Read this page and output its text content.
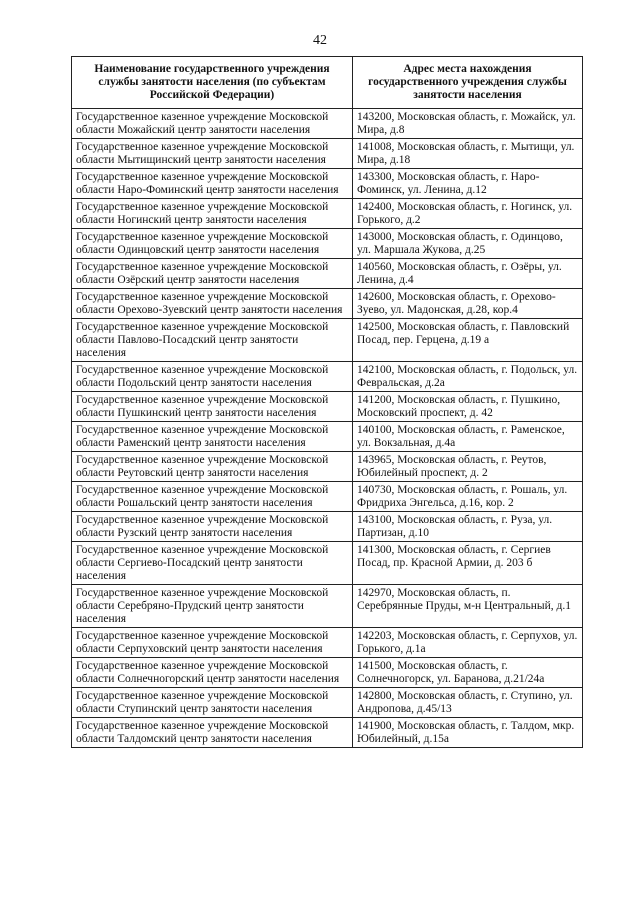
42
Наименование государственного учреждения службы занятости населения (по субъектам Российской Федерации)	Адрес места нахождения государственного учреждения службы занятости населения
Государственное казенное учреждение Московской области Можайский центр занятости населения	143200, Московская область, г. Можайск, ул. Мира, д.8
Государственное казенное учреждение Московской области Мытищинский центр занятости населения	141008, Московская область, г. Мытищи, ул. Мира, д.18
Государственное казенное учреждение Московской области Наро-Фоминский центр занятости населения	143300, Московская область, г. Наро-Фоминск, ул. Ленина, д.12
Государственное казенное учреждение Московской области Ногинский центр занятости населения	142400, Московская область, г. Ногинск, ул. Горького, д.2
Государственное казенное учреждение Московской области Одинцовский центр занятости населения	143000, Московская область, г. Одинцово, ул. Маршала Жукова, д.25
Государственное казенное учреждение Московской области Озёрский центр занятости населения	140560, Московская область, г. Озёры, ул. Ленина, д.4
Государственное казенное учреждение Московской области Орехово-Зуевский центр занятости населения	142600, Московская область, г. Орехово-Зуево, ул. Мадонская, д.28, кор.4
Государственное казенное учреждение Московской области Павлово-Посадский центр занятости населения	142500, Московская область, г. Павловский Посад, пер. Герцена, д.19 а
Государственное казенное учреждение Московской области Подольский центр занятости населения	142100, Московская область, г. Подольск, ул. Февральская, д.2а
Государственное казенное учреждение Московской области Пушкинский центр занятости населения	141200, Московская область, г. Пушкино, Московский проспект, д. 42
Государственное казенное учреждение Московской области Раменский центр занятости населения	140100, Московская область, г. Раменское, ул. Вокзальная, д.4а
Государственное казенное учреждение Московской области Реутовский центр занятости населения	143965, Московская область, г. Реутов, Юбилейный проспект, д. 2
Государственное казенное учреждение Московской области Рошальский центр занятости населения	140730, Московская область, г. Рошаль, ул. Фридриха Энгельса, д.16, кор. 2
Государственное казенное учреждение Московской области Рузский центр занятости населения	143100, Московская область, г. Руза, ул. Партизан, д.10
Государственное казенное учреждение Московской области Сергиево-Посадский центр занятости населения	141300, Московская область, г. Сергиев Посад, пр. Красной Армии, д. 203 б
Государственное казенное учреждение Московской области Серебряно-Прудский центр занятости населения	142970, Московская область, п. Серебрянные Пруды, м-н Центральный, д.1
Государственное казенное учреждение Московской области Серпуховский центр занятости населения	142203, Московская область, г. Серпухов, ул. Горького, д.1а
Государственное казенное учреждение Московской области Солнечногорский центр занятости населения	141500, Московская область, г. Солнечногорск, ул. Баранова, д.21/24а
Государственное казенное учреждение Московской области Ступинский центр занятости населения	142800, Московская область, г. Ступино, ул. Андропова, д.45/13
Государственное казенное учреждение Московской области Талдомский центр занятости населения	141900, Московская область, г. Талдом, мкр. Юбилейный, д.15а
